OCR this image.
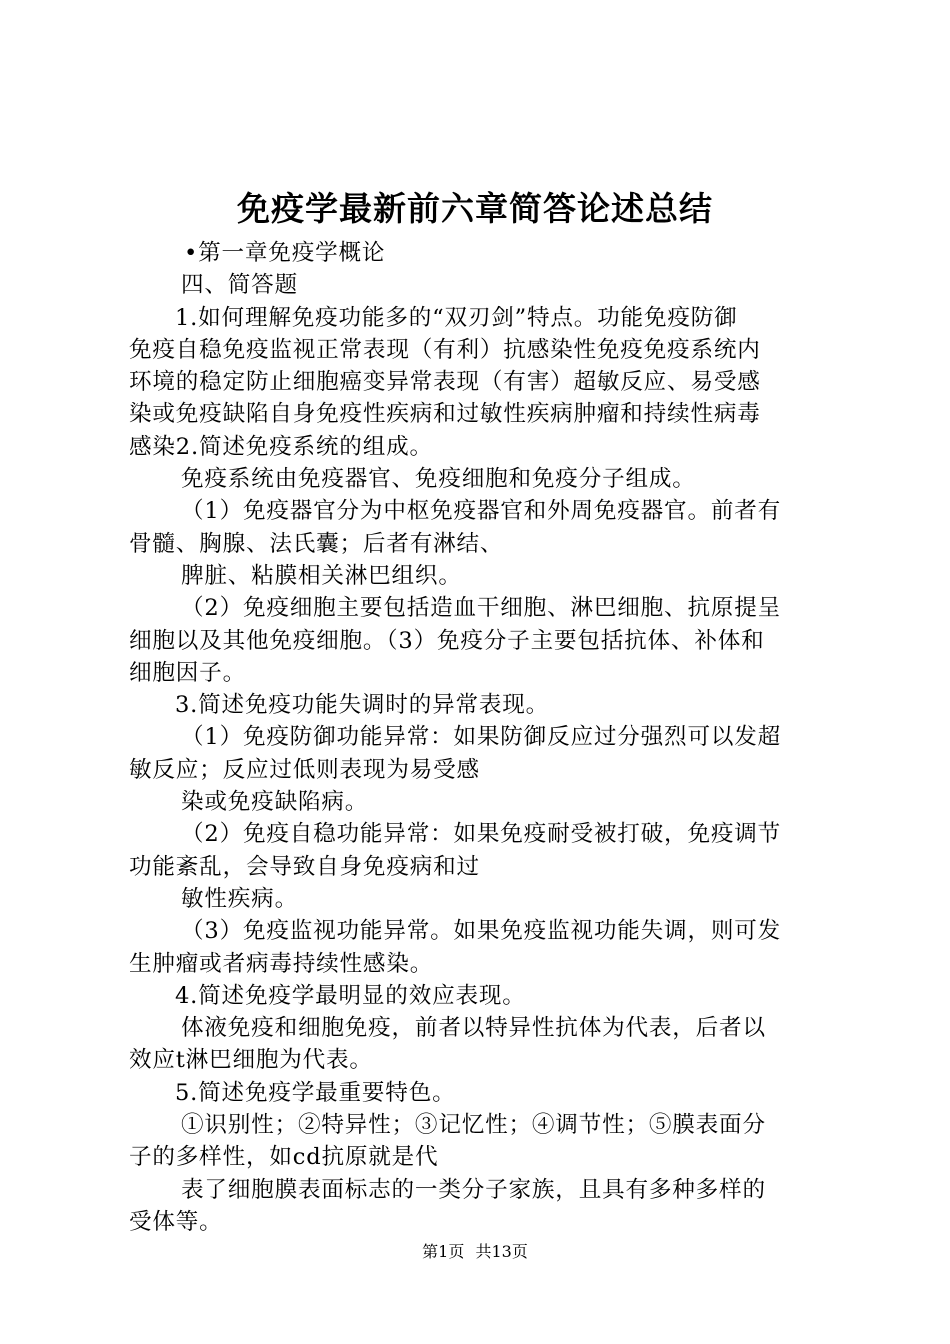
免疫学最新前六章简答论述总结

•第一章免疫学概论

四、简答题

1.如何理解免疫功能多的“双刃剑”特点。功能免疫防御

免疫自稳免疫监视正常表现（有利）抗感染性免疫免疫系统内

环境的稳定防止细胞癌变异常表现（有害）超敏反应、易受感

染或免疫缺陷自身免疫性疾病和过敏性疾病肿瘤和持续性病毒

感染2.简述免疫系统的组成。

免疫系统由免疫器官、免疫细胞和免疫分子组成。

（1）免疫器官分为中枢免疫器官和外周免疫器官。前者有

骨髓、胸腺、法氏囊；后者有淋结、

脾脏、粘膜相关淋巴组织。

（2）免疫细胞主要包括造血干细胞、淋巴细胞、抗原提呈

细胞以及其他免疫细胞。（3）免疫分子主要包括抗体、补体和

细胞因子。

3.简述免疫功能失调时的异常表现。

（1）免疫防御功能异常：如果防御反应过分强烈可以发超

敏反应；反应过低则表现为易受感

染或免疫缺陷病。

（2）免疫自稳功能异常：如果免疫耐受被打破，免疫调节

功能紊乱，会导致自身免疫病和过

敏性疾病。

（3）免疫监视功能异常。如果免疫监视功能失调，则可发

生肿瘤或者病毒持续性感染。

4.简述免疫学最明显的效应表现。

体液免疫和细胞免疫，前者以特异性抗体为代表，后者以

效应t淋巴细胞为代表。

5.简述免疫学最重要特色。

①识别性；②特异性；③记忆性；④调节性；⑤膜表面分

子的多样性，如cd抗原就是代

表了细胞膜表面标志的一类分子家族，且具有多种多样的

受体等。

第1页 共13页
